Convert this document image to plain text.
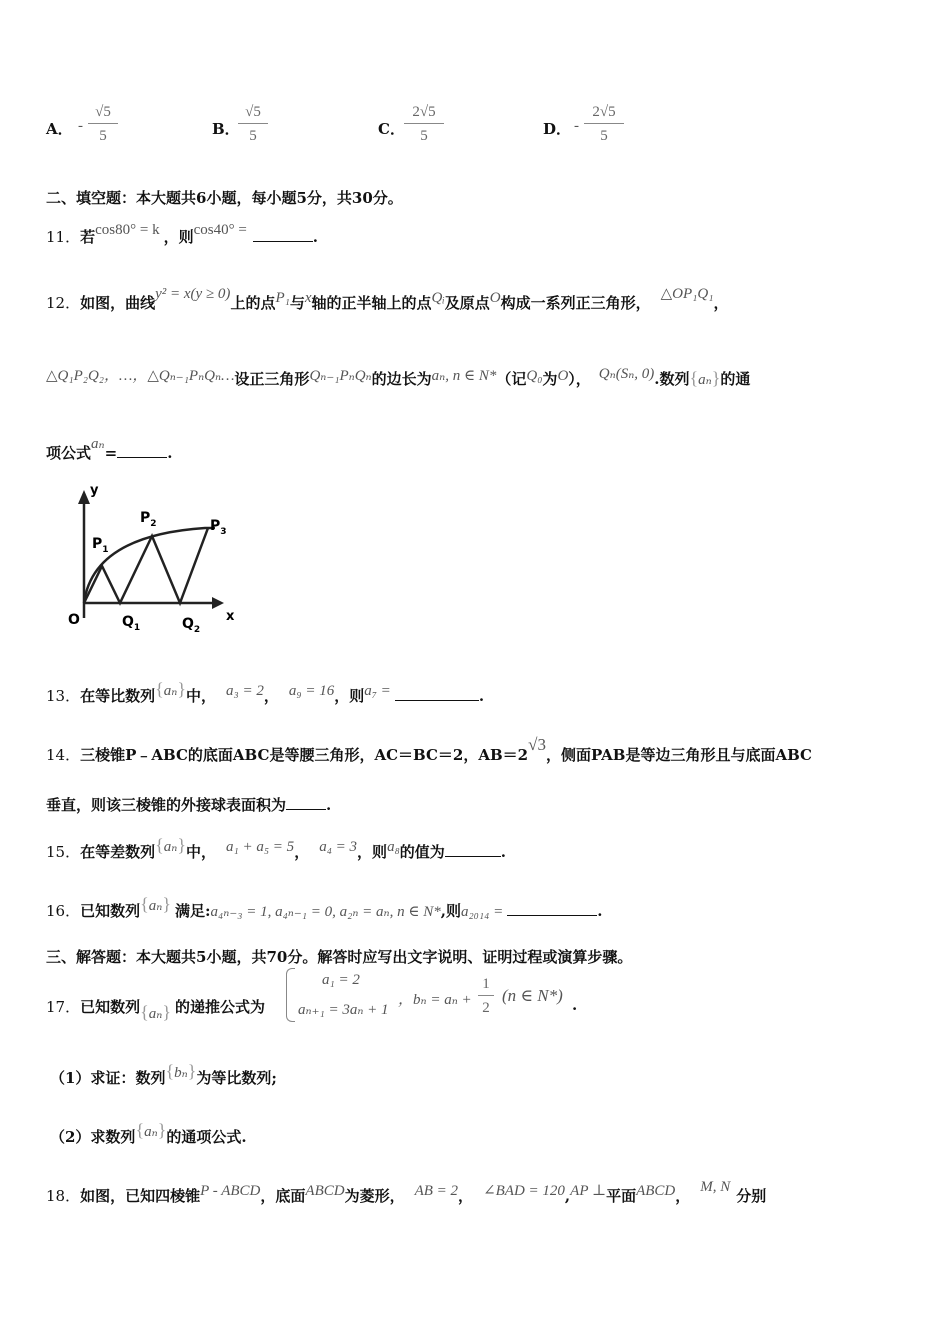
A． - $\frac{√5}{5}$	B．
$\frac{√5}{5}$	C． $\frac{2√5}{5}$	D． - $\frac{2√5}{5}$
二、填空题：本大题共6小题，每小题5分，共30分。
11．若cos80° = k ，则cos40° =	.
12．如图，曲线y² = x(y ≥ 0)上的点P₁与x轴的正半轴上的点Qᵢ及原点O构成一系列正三角形， △OP₁Q₁，
△Q₁P₂Q₂，…，△Qₙ₋₁PₙQₙ…设正三角形Qₙ₋₁PₙQₙ的边长为aₙ, n ∈ N*（记Q₀为O）， Qₙ(Sₙ, 0).数列{aₙ}的通
项公式aₙ=	.
y
x
O
$P_1$
$P_2$	$P_3$
$Q_1$	$Q_2$
13．在等比数列{aₙ}中， a₃ = 2， a₉ = 16，则a₇ =	.
14．三棱锥P﹣ABC的底面ABC是等腰三角形，AC＝BC＝2，AB＝2√3，侧面PAB是等边三角形且与底面ABC
垂直，则该三棱锥的外接球表面积为	.
15．在等差数列{aₙ}中， a₁ + a₅ = 5， a₄ = 3，则a₈的值为	.
16．已知数列{aₙ} 满足:a₄ₙ₋₃ = 1, a₄ₙ₋₁ = 0, a₂ₙ = aₙ, n ∈ N*,则a₂₀₁₄ =	.
三、解答题：本大题共5小题，共70分。解答时应写出文字说明、证明过程或演算步骤。
17．已知数列{aₙ} 的递推公式为
a₁ = 2
aₙ₊₁ = 3aₙ + 1
，$b_n = a_n + \frac{1}{2} (n$ ∈ N*) .
（1）求证：数列{bₙ}为等比数列;
（2）求数列{aₙ}的通项公式.
18．如图，已知四棱锥P - ABCD，底面ABCD为菱形， AB = 2， ∠BAD = 120,AP ⊥平面ABCD， M, N 分别
